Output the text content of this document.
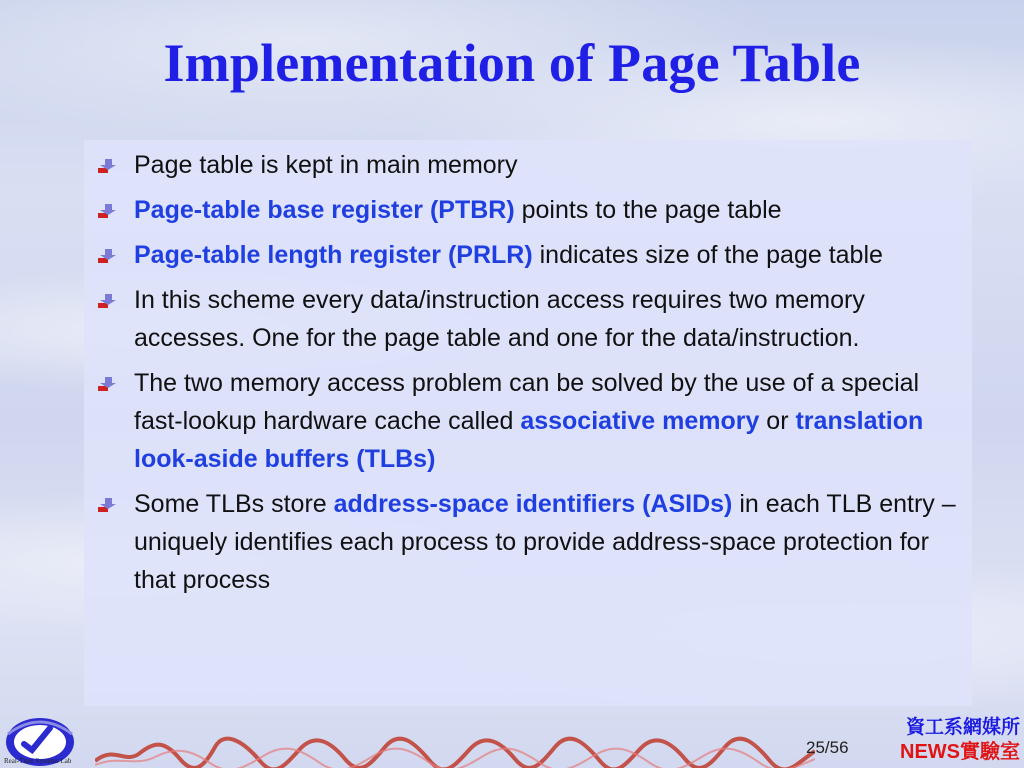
Implementation of Page Table
Page table is kept in main memory
Page-table base register (PTBR) points to the page table
Page-table length register (PRLR) indicates size of the page table
In this scheme every data/instruction access requires two memory accesses. One for the page table and one for the data/instruction.
The two memory access problem can be solved by the use of a special fast-lookup hardware cache called associative memory or translation look-aside buffers (TLBs)
Some TLBs store address-space identifiers (ASIDs) in each TLB entry – uniquely identifies each process to provide address-space protection for that process
Real-Time Systems Lab
25/56
資工系網媒所
NEWS實驗室
